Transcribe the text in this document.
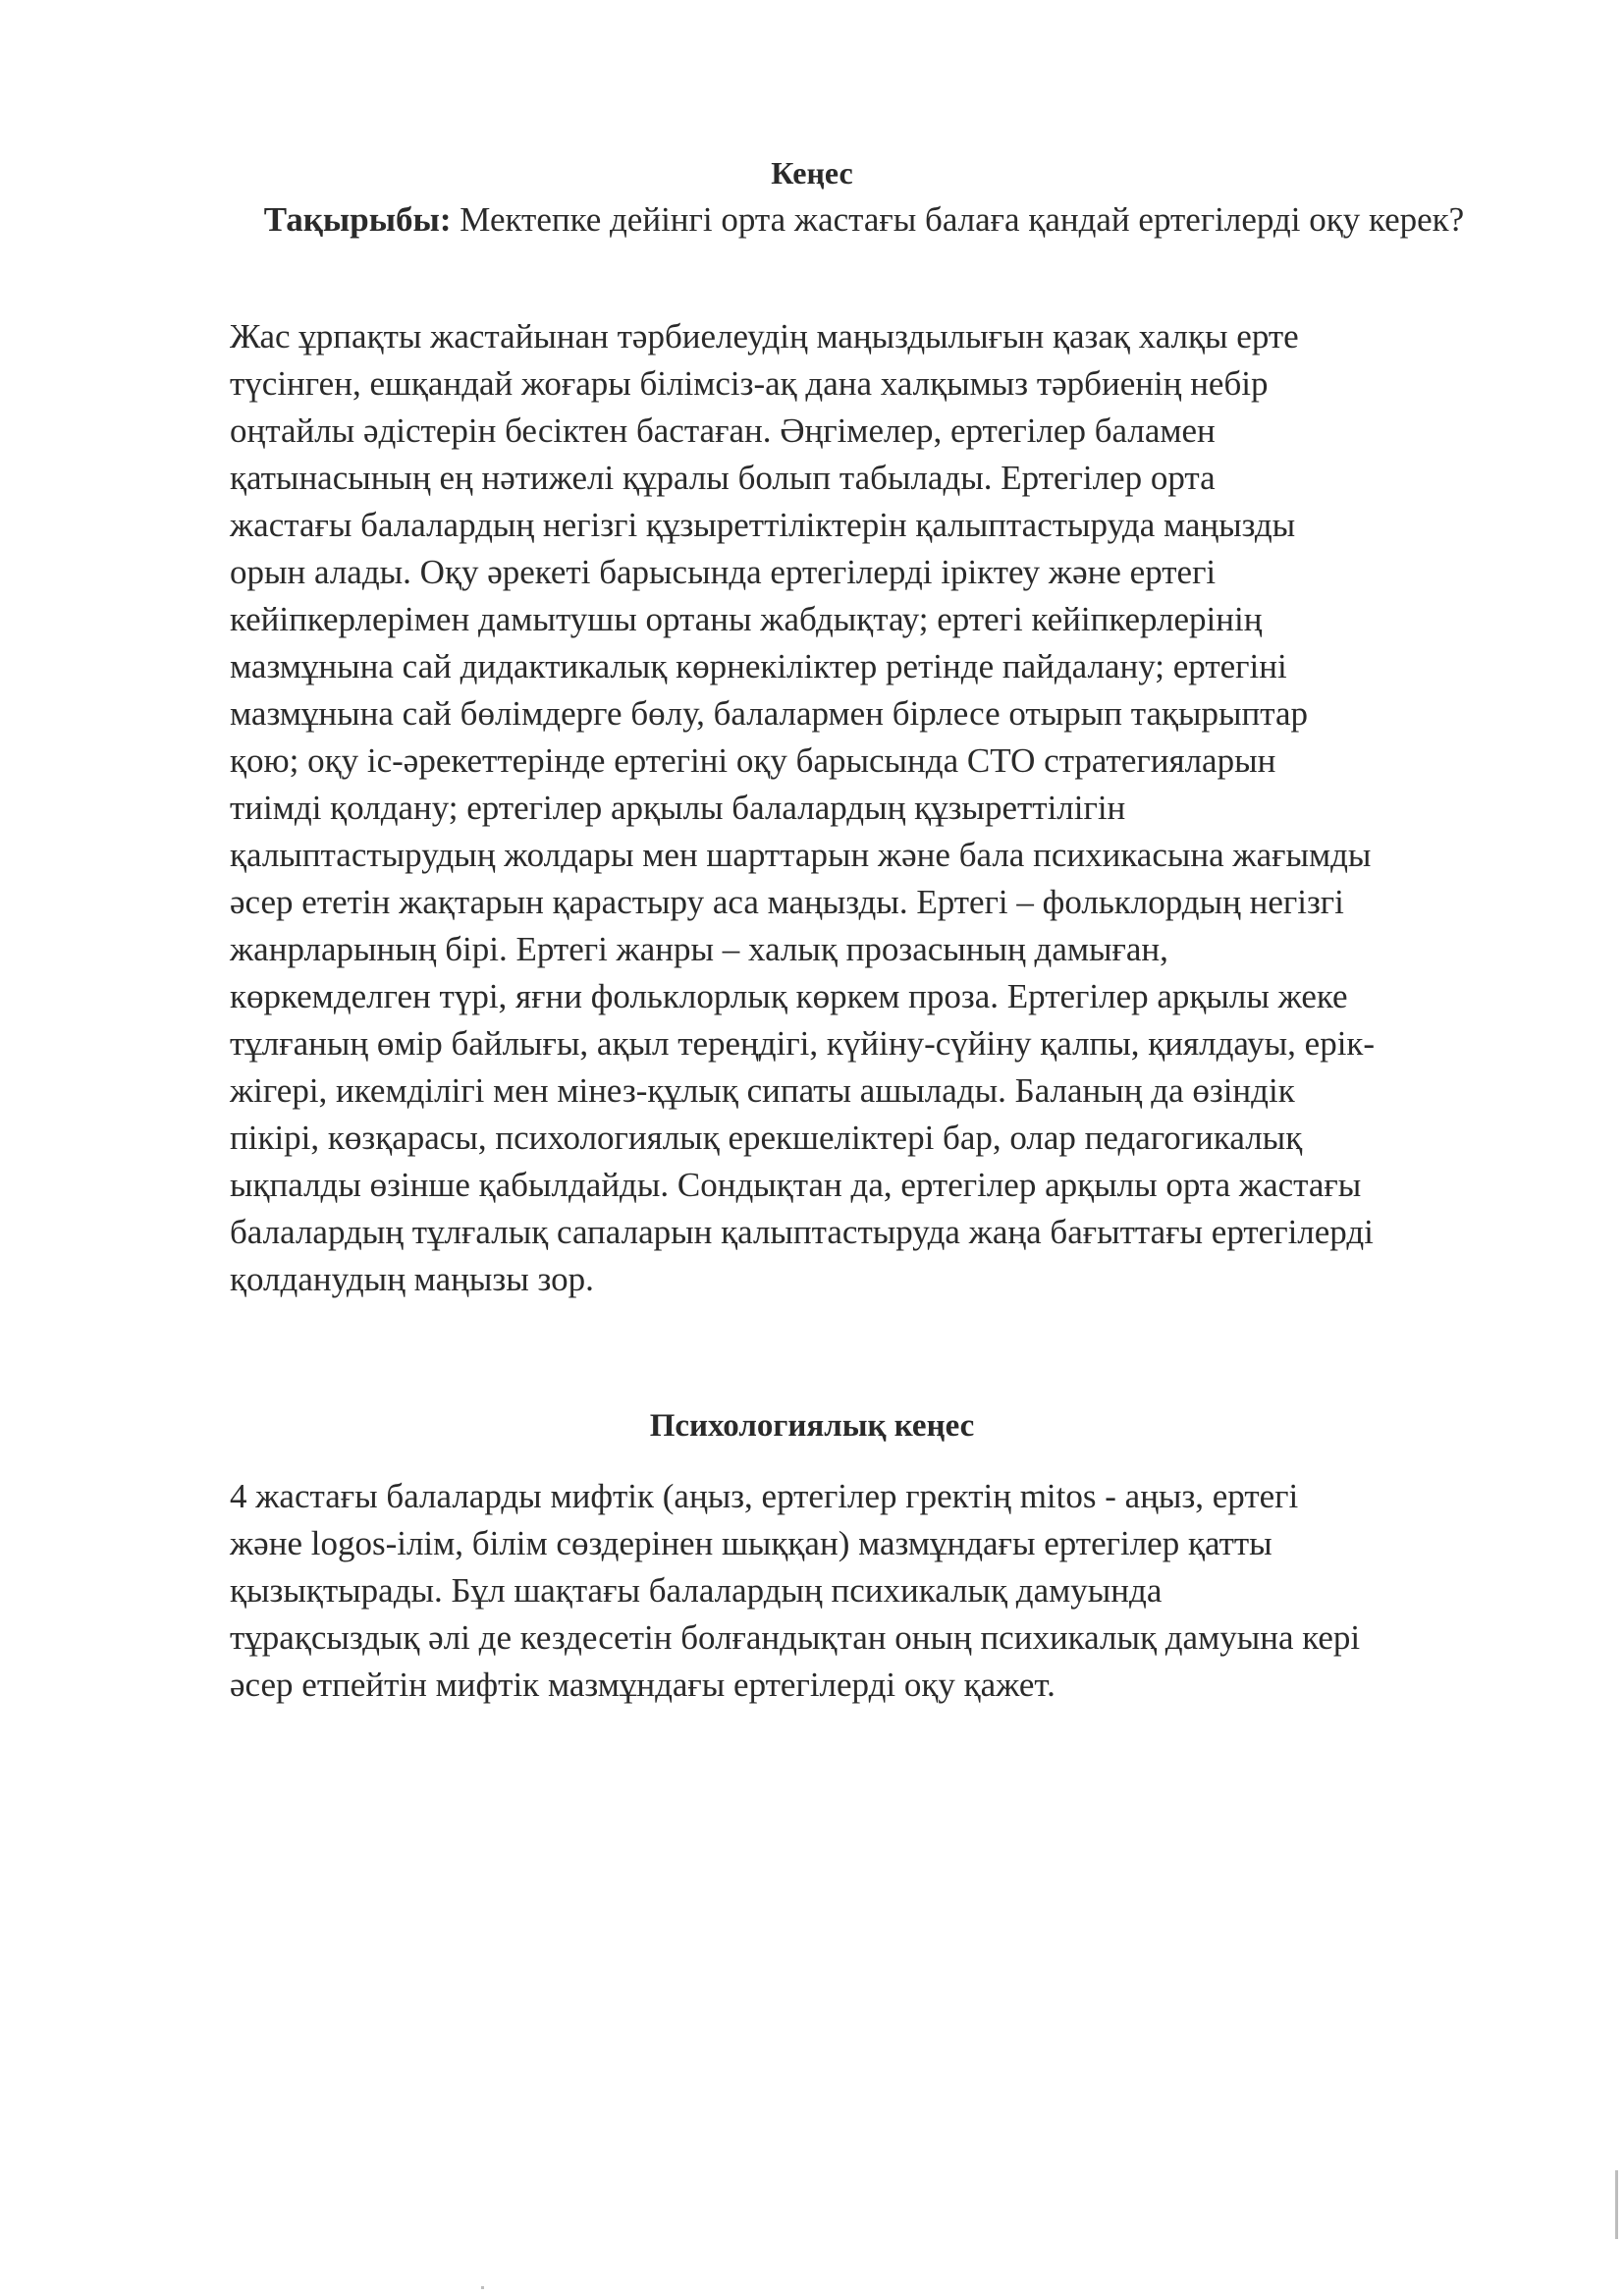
Кеңес

Тақырыбы: Мектепке дейінгі орта жастағы балаға қандай ертегілерді оқу керек?

Жас ұрпақты жастайынан тәрбиелеудің маңыздылығын қазақ халқы ерте
түсінген, ешқандай жоғары білімсіз-ақ дана халқымыз тәрбиенің небір
оңтайлы әдістерін бесіктен бастаған. Әңгімелер, ертегілер баламен
қатынасының ең нәтижелі құралы болып табылады. Ертегілер орта
жастағы балалардың негізгі құзыреттіліктерін қалыптастыруда маңызды
орын алады. Оқу әрекеті барысында ертегілерді іріктеу және ертегі
кейіпкерлерімен дамытушы ортаны жабдықтау; ертегі кейіпкерлерінің
мазмұнына сай дидактикалық көрнекіліктер ретінде пайдалану; ертегіні
мазмұнына сай бөлімдерге бөлу, балалармен бірлесе отырып тақырыптар
қою; оқу іс-әрекеттерінде ертегіні оқу барысында СТО стратегияларын
тиімді қолдану; ертегілер арқылы балалардың құзыреттілігін
қалыптастырудың жолдары мен шарттарын және бала психикасына жағымды
әсер ететін жақтарын қарастыру аса маңызды. Ертегі – фольклордың негізгі
жанрларының бірі. Ертегі жанры – халық прозасының дамыған,
көркемделген түрі, яғни фольклорлық көркем проза. Ертегілер арқылы жеке
тұлғаның өмір байлығы, ақыл тереңдігі, күйіну-сүйіну қалпы, қиялдауы, ерік-
жігері, икемділігі мен мінез-құлық сипаты ашылады. Баланың да өзіндік
пікірі, көзқарасы, психологиялық ерекшеліктері бар, олар педагогикалық
ықпалды өзінше қабылдайды. Сондықтан да, ертегілер арқылы орта жастағы
балалардың тұлғалық сапаларын қалыптастыруда жаңа бағыттағы ертегілерді
қолданудың маңызы зор.

Психологиялық кеңес

4 жастағы балаларды мифтік (аңыз, ертегілер гректің mitos - аңыз, ертегі
және logos-ілім, білім сөздерінен шыққан) мазмұндағы ертегілер қатты
қызықтырады. Бұл шақтағы балалардың психикалық дамуында
тұрақсыздық әлі де кездесетін болғандықтан оның психикалық дамуына кері
әсер етпейтін мифтік мазмұндағы ертегілерді оқу қажет.
